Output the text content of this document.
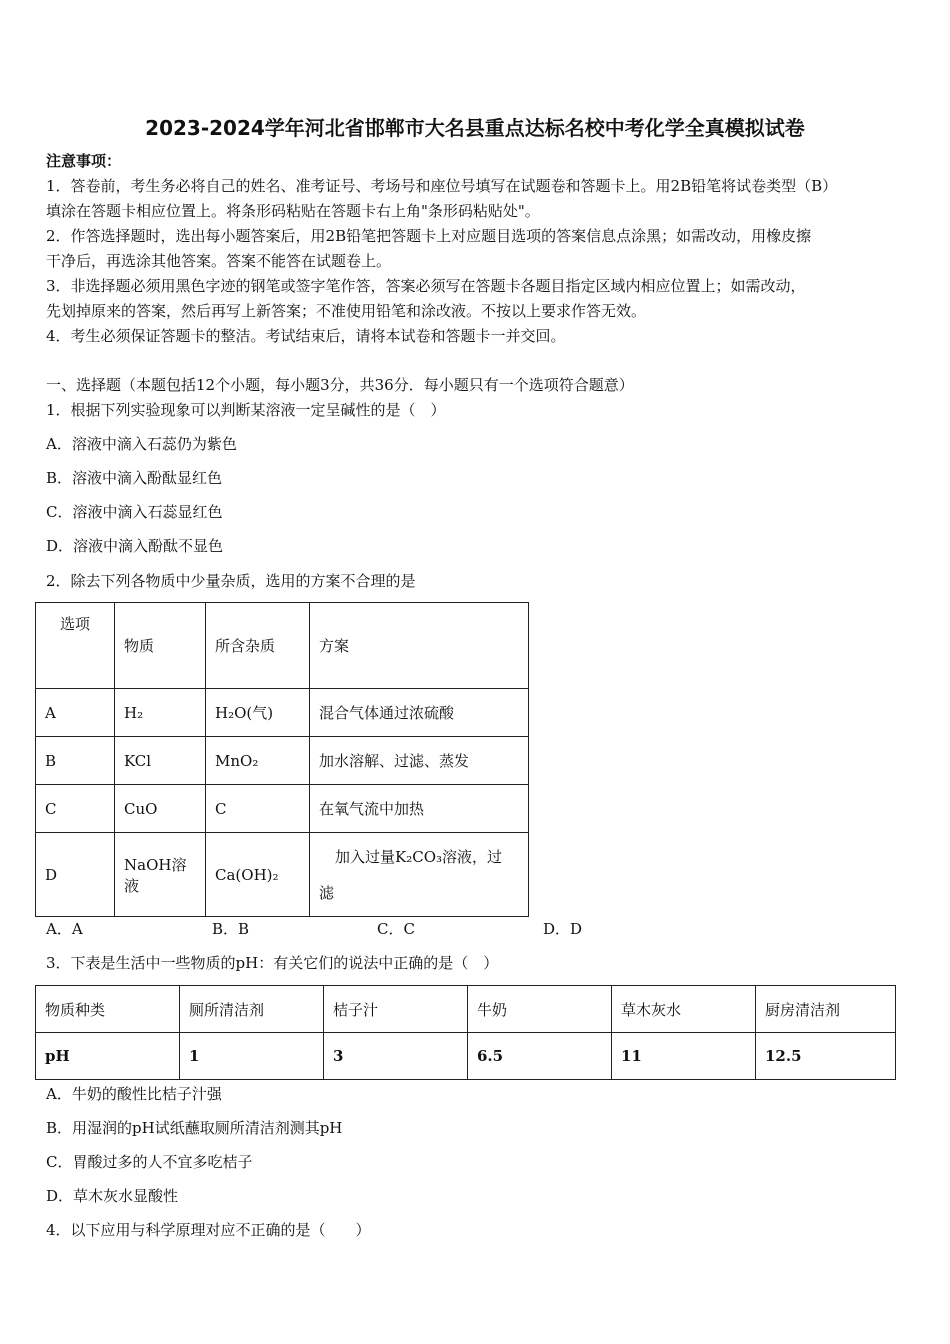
2023-2024学年河北省邯郸市大名县重点达标名校中考化学全真模拟试卷
注意事项：
1．答卷前，考生务必将自己的姓名、准考证号、考场号和座位号填写在试题卷和答题卡上。用2B铅笔将试卷类型（B）
填涂在答题卡相应位置上。将条形码粘贴在答题卡右上角"条形码粘贴处"。
2．作答选择题时，选出每小题答案后，用2B铅笔把答题卡上对应题目选项的答案信息点涂黑；如需改动，用橡皮擦
干净后，再选涂其他答案。答案不能答在试题卷上。
3．非选择题必须用黑色字迹的钢笔或签字笔作答，答案必须写在答题卡各题目指定区域内相应位置上；如需改动，
先划掉原来的答案，然后再写上新答案；不准使用铅笔和涂改液。不按以上要求作答无效。
4．考生必须保证答题卡的整洁。考试结束后，请将本试卷和答题卡一并交回。
一、选择题（本题包括12个小题，每小题3分，共36分．每小题只有一个选项符合题意）
1．根据下列实验现象可以判断某溶液一定呈碱性的是（　）
A．溶液中滴入石蕊仍为紫色
B．溶液中滴入酚酞显红色
C．溶液中滴入石蕊显红色
D．溶液中滴入酚酞不显色
2．除去下列各物质中少量杂质，选用的方案不合理的是
选项	物质	所含杂质	方案
A	H₂	H₂O(气)	混合气体通过浓硫酸
B	KCl	MnO₂	加水溶解、过滤、蒸发
C	CuO	C	在氧气流中加热
D	NaOH溶液	Ca(OH)₂	加入过量K₂CO₃溶液，过
滤
A．A	B．B	C．C	D．D
3．下表是生活中一些物质的pH：有关它们的说法中正确的是（　）
物质种类	厕所清洁剂	桔子汁	牛奶	草木灰水	厨房清洁剂
pH	1	3	6.5	11	12.5
A．牛奶的酸性比桔子汁强
B．用湿润的pH试纸蘸取厕所清洁剂测其pH
C．胃酸过多的人不宜多吃桔子
D．草木灰水显酸性
4．以下应用与科学原理对应不正确的是（　　）
